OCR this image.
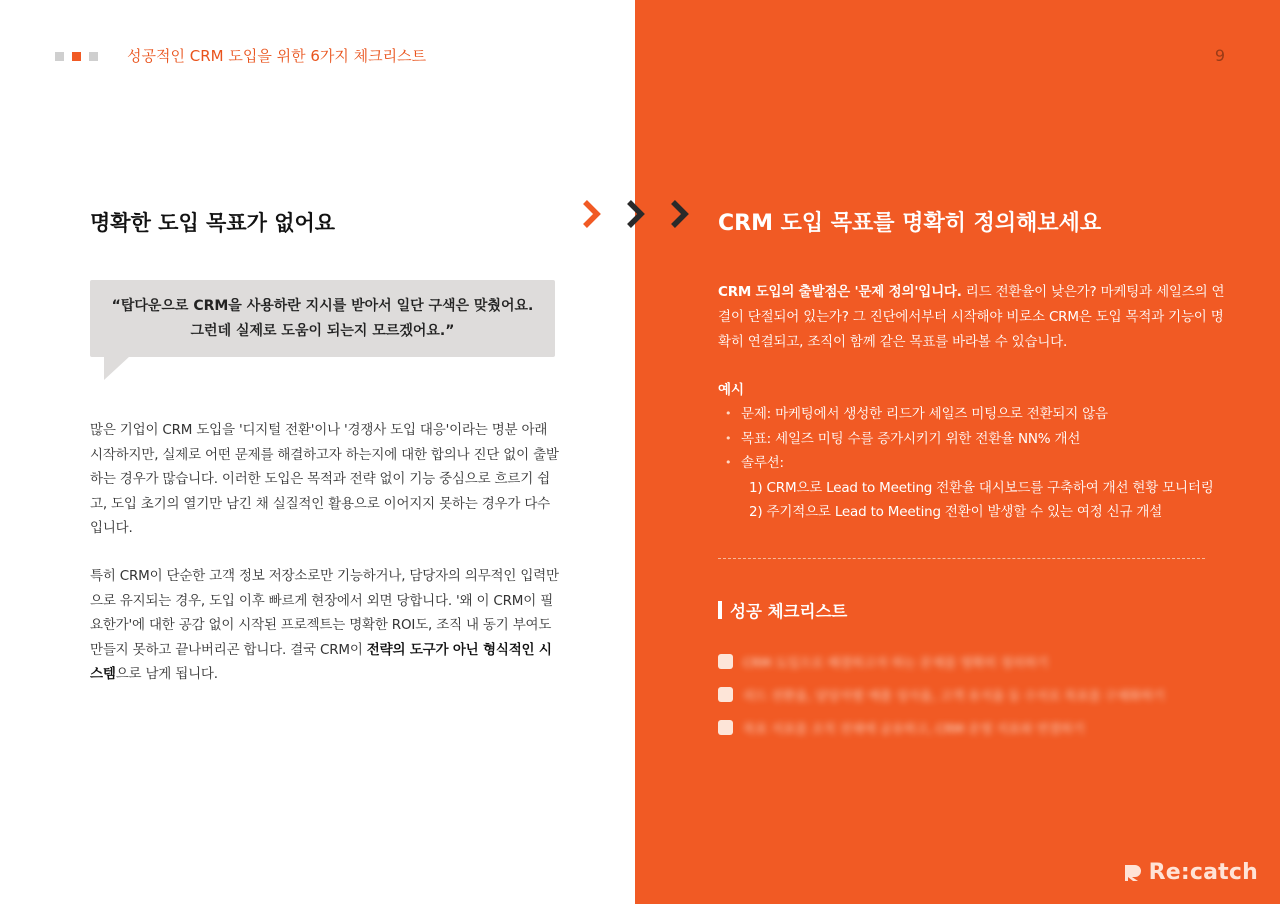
성공적인 CRM 도입을 위한 6가지 체크리스트
명확한 도입 목표가 없어요
“탑다운으로 CRM을 사용하란 지시를 받아서 일단 구색은 맞췄어요.
그런데 실제로 도움이 되는지 모르겠어요.”

많은 기업이 CRM 도입을 '디지털 전환'이나 '경쟁사 도입 대응'이라는 명분 아래 시작하지만, 실제로 어떤 문제를 해결하고자 하는지에 대한 합의나 진단 없이 출발하는 경우가 많습니다. 이러한 도입은 목적과 전략 없이 기능 중심으로 흐르기 쉽고, 도입 초기의 열기만 남긴 채 실질적인 활용으로 이어지지 못하는 경우가 다수입니다.

특히 CRM이 단순한 고객 정보 저장소로만 기능하거나, 담당자의 의무적인 입력만으로 유지되는 경우, 도입 이후 빠르게 현장에서 외면 당합니다. '왜 이 CRM이 필요한가'에 대한 공감 없이 시작된 프로젝트는 명확한 ROI도, 조직 내 동기 부여도 만들지 못하고 끝나버리곤 합니다. 결국 CRM이 전략의 도구가 아닌 형식적인 시스템으로 남게 됩니다.

9
CRM 도입 목표를 명확히 정의해보세요

CRM 도입의 출발점은 '문제 정의'입니다. 리드 전환율이 낮은가? 마케팅과 세일즈의 연결이 단절되어 있는가? 그 진단에서부터 시작해야 비로소 CRM은 도입 목적과 기능이 명확히 연결되고, 조직이 함께 같은 목표를 바라볼 수 있습니다.

예시
• 문제: 마케팅에서 생성한 리드가 세일즈 미팅으로 전환되지 않음
• 목표: 세일즈 미팅 수를 증가시키기 위한 전환율 NN% 개선
• 솔루션:
1) CRM으로 Lead to Meeting 전환율 대시보드를 구축하여 개선 현황 모니터링
2) 주기적으로 Lead to Meeting 전환이 발생할 수 있는 여정 신규 개설
성공 체크리스트
CRM 도입으로 해결하고자 하는 문제를 명확히 정의하기
리드 전환율, 담당자별 매출 성사율, 고객 유지율 등 수치로 목표를 구체화하기
목표 지표를 조직 전체에 공유하고, CRM 운영 지표와 연결하기
Re:catch
